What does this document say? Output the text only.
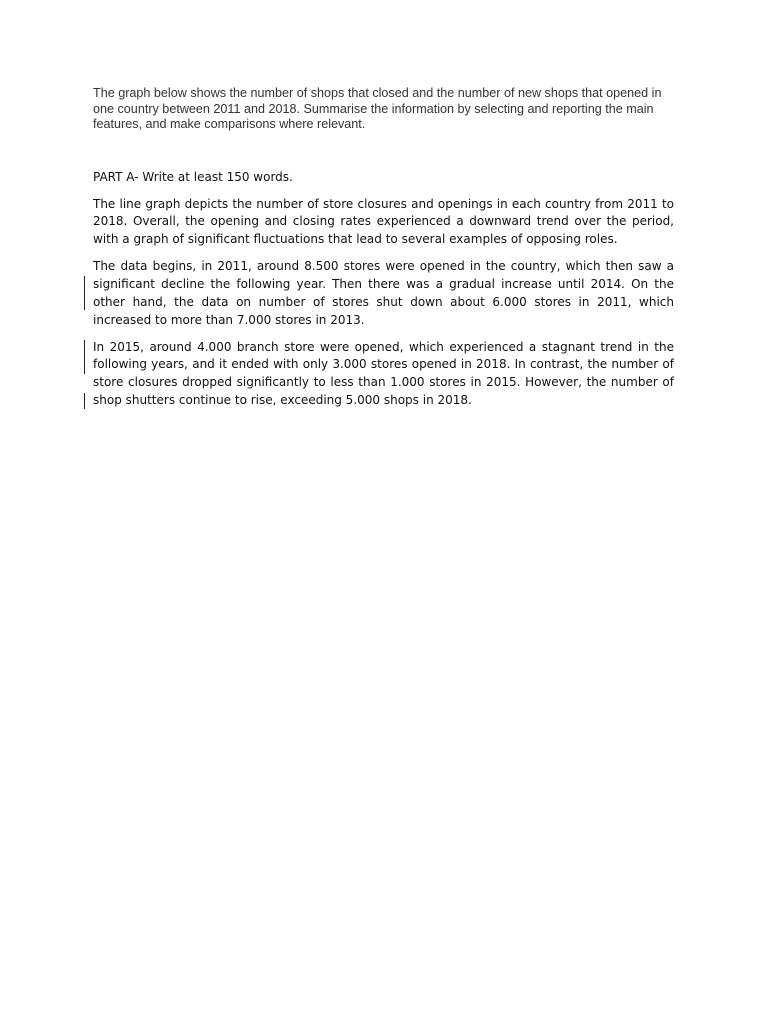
The graph below shows the number of shops that closed and the number of new shops that opened in one country between 2011 and 2018. Summarise the information by selecting and reporting the main features, and make comparisons where relevant.

PART A- Write at least 150 words.

The line graph depicts the number of store closures and openings in each country from 2011 to 2018. Overall, the opening and closing rates experienced a downward trend over the period, with a graph of significant fluctuations that lead to several examples of opposing roles.

The data begins, in 2011, around 8.500 stores were opened in the country, which then saw a significant decline the following year. Then there was a gradual increase until 2014. On the other hand, the data on number of stores shut down about 6.000 stores in 2011, which increased to more than 7.000 stores in 2013.

In 2015, around 4.000 branch store were opened, which experienced a stagnant trend in the following years, and it ended with only 3.000 stores opened in 2018. In contrast, the number of store closures dropped significantly to less than 1.000 stores in 2015. However, the number of shop shutters continue to rise, exceeding 5.000 shops in 2018.
